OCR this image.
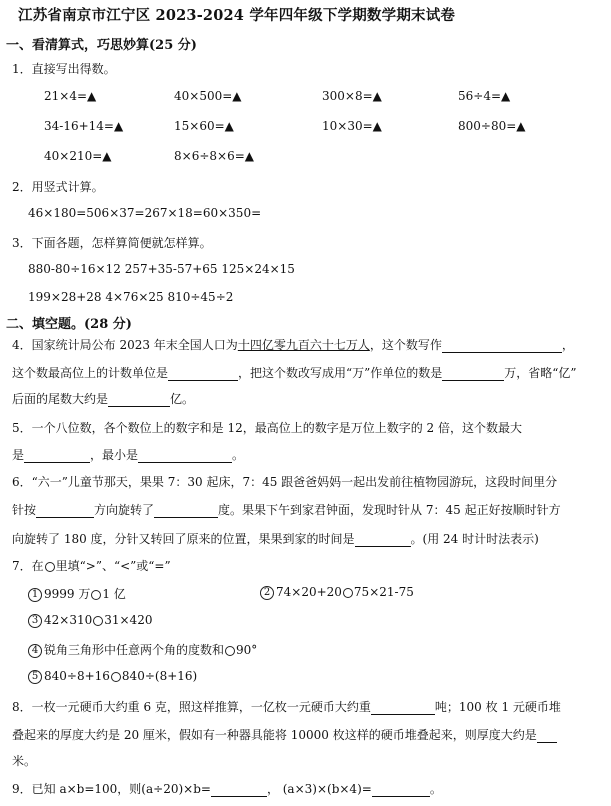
江苏省南京市江宁区 2023-2024 学年四年级下学期数学期末试卷
一、看清算式，巧思妙算(25 分)
1．直接写出得数。
21×4=▲	40×500=▲	300×8=▲	56÷4=▲
34-16+14=▲	15×60=▲	10×30=▲	800÷80=▲
40×210=▲	8×6÷8×6=▲
2．用竖式计算。
46×180=506×37=267×18=60×350=
3．下面各题，怎样算简便就怎样算。
880-80÷16×12 257+35-57+65 125×24×15
199×28+28 4×76×25 810÷45÷2
二、填空题。(28 分)
4．国家统计局公布 2023 年末全国人口为十四亿零九百六十七万人，这个数写作	，
这个数最高位上的计数单位是	，把这个数改写成用“万”作单位的数是	万，省略“亿”
后面的尾数大约是	亿。
5．一个八位数，各个数位上的数字和是 12，最高位上的数字是万位上数字的 2 倍，这个数最大
是	，最小是	。
6．“六一”儿童节那天，果果 7：30 起床，7：45 跟爸爸妈妈一起出发前往植物园游玩，这段时间里分
针按	方向旋转了	度。果果下午到家君钟面，发现时针从 7：45 起正好按顺时针方
向旋转了 180 度，分针又转回了原来的位置，果果到家的时间是	。(用 24 时计时法表示)
7．在 里填“>”、“<”或“=”
1 9999 万 1 亿	2 74×20+20 75×21-75
3 42×310 31×420
4 锐角三角形中任意两个角的度数和 90°
5 840÷8+16 840÷(8+16)
8．一枚一元硬币大约重 6 克，照这样推算，一亿枚一元硬币大约重	吨；100 枚 1 元硬币堆
叠起来的厚度大约是 20 厘米，假如有一种器具能将 10000 枚这样的硬币堆叠起来，则厚度大约是
米。
9．已知 a×b=100，则(a÷20)×b=	， (a×3)×(b×4)=	。
